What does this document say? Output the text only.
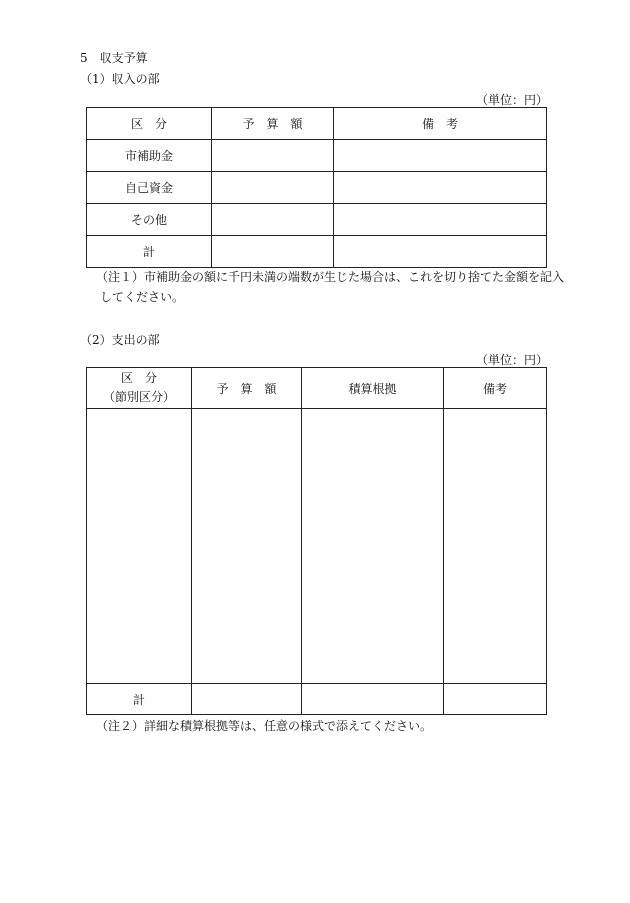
5　収支予算
（1）収入の部
（単位：円）
区　分	予　算　額	備　考
市補助金		
自己資金		
その他		
計		
（注１）市補助金の額に千円未満の端数が生じた場合は、これを切り捨てた金額を記入
してください。
（2）支出の部
（単位：円）
区　分
（節別区分）	予　算　額	積算根拠	備考

計			
（注２）詳細な積算根拠等は、任意の様式で添えてください。
